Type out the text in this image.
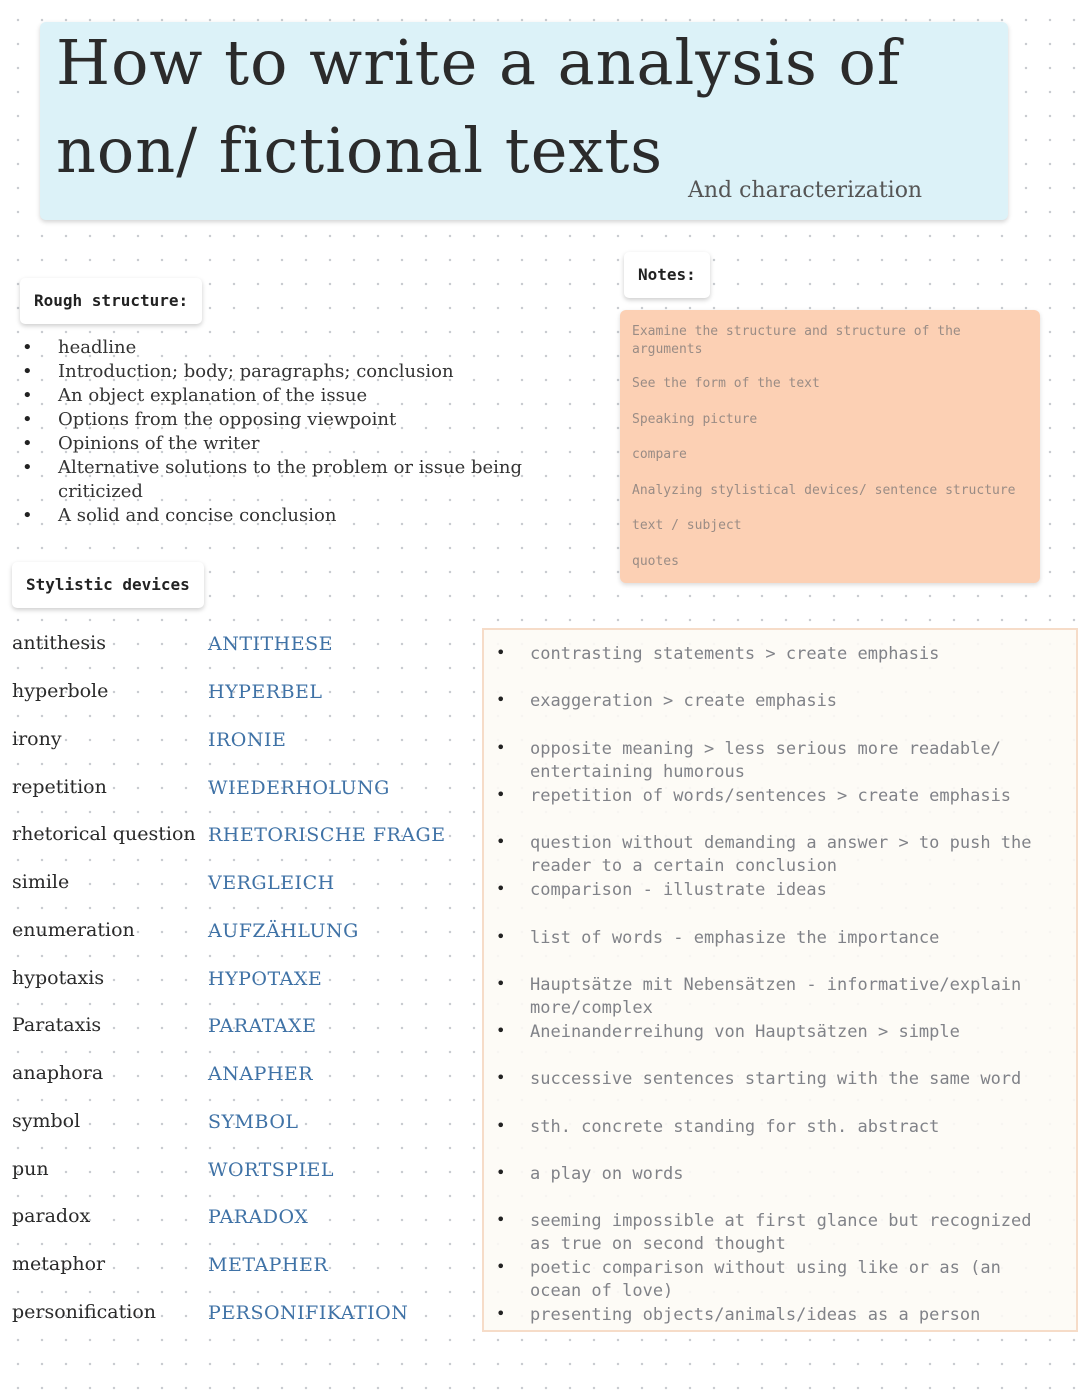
How to write a analysis of
non/ fictional texts
And characterization
Rough structure:
• headline
• Introduction; body; paragraphs; conclusion
• An object explanation of the issue
• Options from the opposing viewpoint
• Opinions of the writer
• Alternative solutions to the problem or issue being criticized
• A solid and concise conclusion
Notes:
Examine the structure and structure of the
arguments
See the form of the text
Speaking picture
compare
Analyzing stylistical devices/ sentence structure
text / subject
quotes
Stylistic devices
antithesis
hyperbole
irony
repetition
rhetorical question
simile
enumeration
hypotaxis
Parataxis
anaphora
symbol
pun
paradox
metaphor
personification
ANTITHESE
HYPERBEL
IRONIE
WIEDERHOLUNG
RHETORISCHE FRAGE
VERGLEICH
AUFZÄHLUNG
HYPOTAXE
PARATAXE
ANAPHER
SYMBOL
WORTSPIEL
PARADOX
METAPHER
PERSONIFIKATION
•
•
•
•
•
•
•
•
•
•
•
•
•
•
•
contrasting statements > create emphasis
exaggeration > create emphasis
opposite meaning > less serious more readable/ entertaining humorous
repetition of words/sentences > create emphasis
question without demanding a answer > to push the reader to a certain conclusion
comparison - illustrate ideas
list of words - emphasize the importance
Hauptsätze mit Nebensätzen - informative/explain more/complex
Aneinanderreihung von Hauptsätzen > simple
successive sentences starting with the same word
sth. concrete standing for sth. abstract
a play on words
seeming impossible at first glance but recognized as true on second thought
poetic comparison without using like or as (an ocean of love)
presenting objects/animals/ideas as a person
